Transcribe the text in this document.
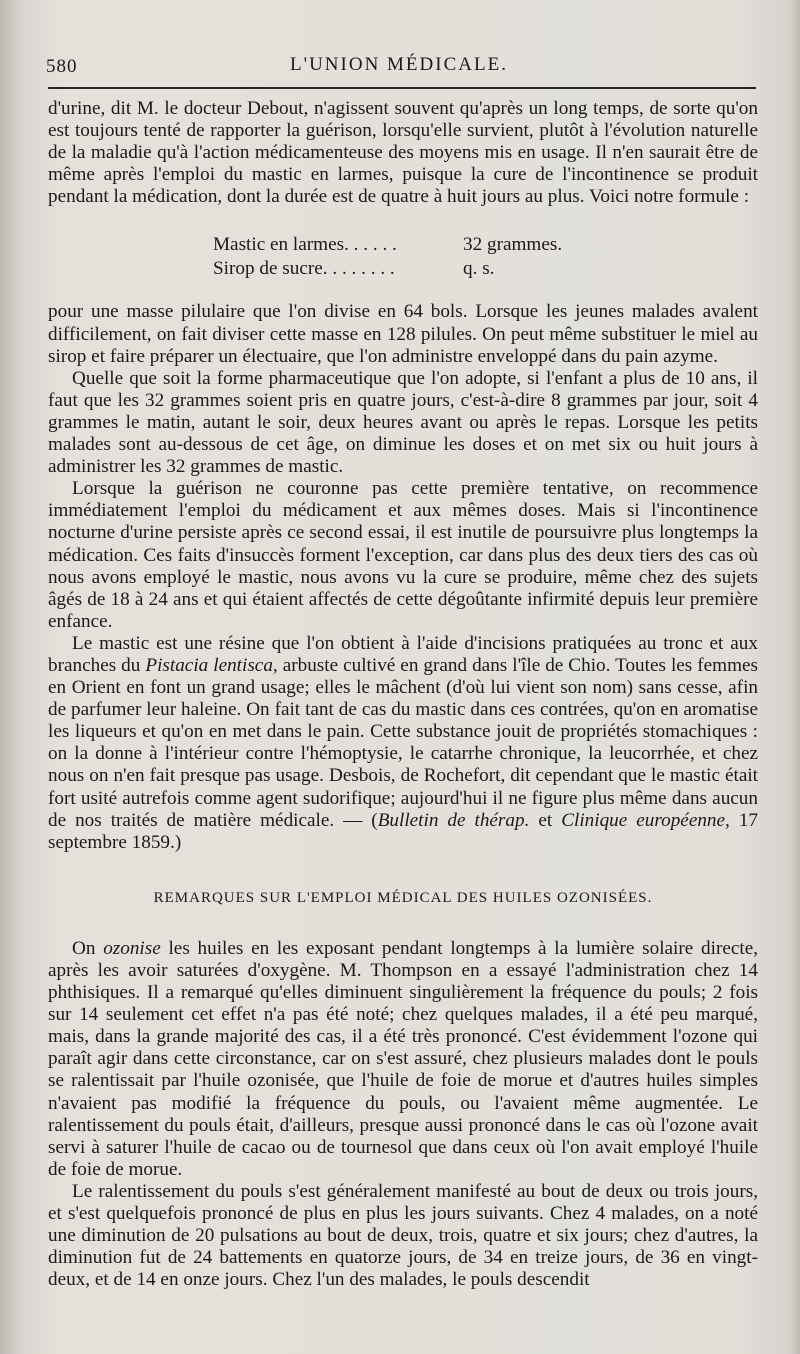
580	L'UNION MÉDICALE.

d'urine, dit M. le docteur Debout, n'agissent souvent qu'après un long temps, de sorte qu'on est toujours tenté de rapporter la guérison, lorsqu'elle survient, plutôt à l'évolution naturelle de la maladie qu'à l'action médicamenteuse des moyens mis en usage. Il n'en saurait être de même après l'emploi du mastic en larmes, puisque la cure de l'incontinence se produit pendant la médication, dont la durée est de quatre à huit jours au plus. Voici notre formule :

Mastic en larmes. . . . . .	32 grammes.
Sirop de sucre. . . . . . . .	q. s.

pour une masse pilulaire que l'on divise en 64 bols. Lorsque les jeunes malades avalent difficilement, on fait diviser cette masse en 128 pilules. On peut même substituer le miel au sirop et faire préparer un électuaire, que l'on administre enveloppé dans du pain azyme.

Quelle que soit la forme pharmaceutique que l'on adopte, si l'enfant a plus de 10 ans, il faut que les 32 grammes soient pris en quatre jours, c'est-à-dire 8 grammes par jour, soit 4 grammes le matin, autant le soir, deux heures avant ou après le repas. Lorsque les petits malades sont au-dessous de cet âge, on diminue les doses et on met six ou huit jours à administrer les 32 grammes de mastic.

Lorsque la guérison ne couronne pas cette première tentative, on recommence immédiatement l'emploi du médicament et aux mêmes doses. Mais si l'incontinence nocturne d'urine persiste après ce second essai, il est inutile de poursuivre plus longtemps la médication. Ces faits d'insuccès forment l'exception, car dans plus des deux tiers des cas où nous avons employé le mastic, nous avons vu la cure se produire, même chez des sujets âgés de 18 à 24 ans et qui étaient affectés de cette dégoûtante infirmité depuis leur première enfance.

Le mastic est une résine que l'on obtient à l'aide d'incisions pratiquées au tronc et aux branches du Pistacia lentisca, arbuste cultivé en grand dans l'île de Chio. Toutes les femmes en Orient en font un grand usage; elles le mâchent (d'où lui vient son nom) sans cesse, afin de parfumer leur haleine. On fait tant de cas du mastic dans ces contrées, qu'on en aromatise les liqueurs et qu'on en met dans le pain. Cette substance jouit de propriétés stomachiques : on la donne à l'intérieur contre l'hémoptysie, le catarrhe chronique, la leucorrhée, et chez nous on n'en fait presque pas usage. Desbois, de Rochefort, dit cependant que le mastic était fort usité autrefois comme agent sudorifique; aujourd'hui il ne figure plus même dans aucun de nos traités de matière médicale. — (Bulletin de thérap. et Clinique européenne, 17 septembre 1859.)

REMARQUES SUR L'EMPLOI MÉDICAL DES HUILES OZONISÉES.

On ozonise les huiles en les exposant pendant longtemps à la lumière solaire directe, après les avoir saturées d'oxygène. M. Thompson en a essayé l'administration chez 14 phthisiques. Il a remarqué qu'elles diminuent singulièrement la fréquence du pouls; 2 fois sur 14 seulement cet effet n'a pas été noté; chez quelques malades, il a été peu marqué, mais, dans la grande majorité des cas, il a été très prononcé. C'est évidemment l'ozone qui paraît agir dans cette circonstance, car on s'est assuré, chez plusieurs malades dont le pouls se ralentissait par l'huile ozonisée, que l'huile de foie de morue et d'autres huiles simples n'avaient pas modifié la fréquence du pouls, ou l'avaient même augmentée. Le ralentissement du pouls était, d'ailleurs, presque aussi prononcé dans le cas où l'ozone avait servi à saturer l'huile de cacao ou de tournesol que dans ceux où l'on avait employé l'huile de foie de morue.

Le ralentissement du pouls s'est généralement manifesté au bout de deux ou trois jours, et s'est quelquefois prononcé de plus en plus les jours suivants. Chez 4 malades, on a noté une diminution de 20 pulsations au bout de deux, trois, quatre et six jours; chez d'autres, la diminution fut de 24 battements en quatorze jours, de 34 en treize jours, de 36 en vingt-deux, et de 14 en onze jours. Chez l'un des malades, le pouls descendit
